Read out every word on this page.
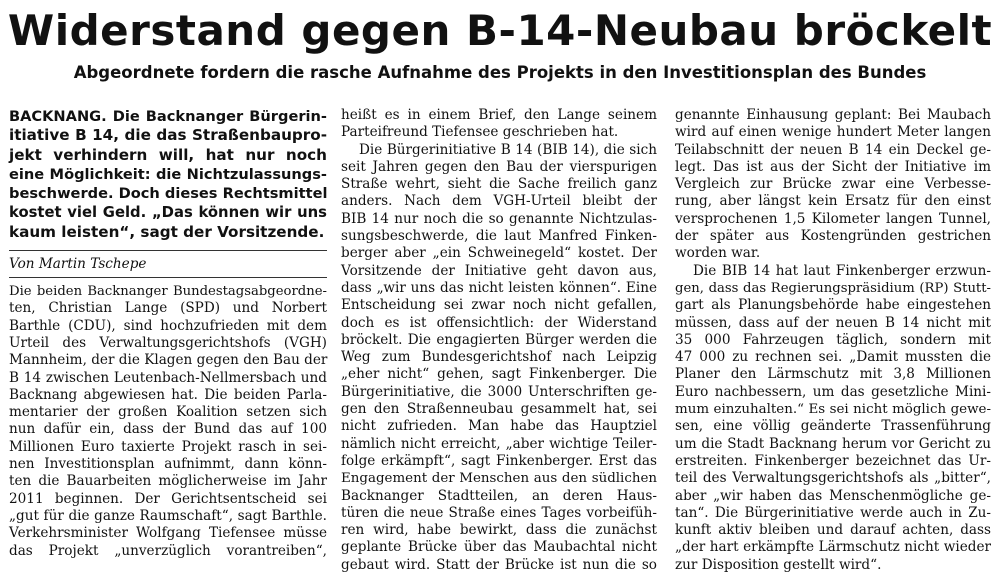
Widerstand gegen B-14-Neubau bröckelt
Abgeordnete fordern die rasche Aufnahme des Projekts in den Investitionsplan des Bundes
BACKNANG. Die Backnanger Bürgerin-
itiative B 14, die das Straßenbaupro-
jekt verhindern will, hat nur noch
eine Möglichkeit: die Nichtzulassungs-
beschwerde. Doch dieses Rechtsmittel
kostet viel Geld. „Das können wir uns
kaum leisten“, sagt der Vorsitzende.
Von Martin Tschepe
Die beiden Backnanger Bundestagsabgeordne-
ten, Christian Lange (SPD) und Norbert
Barthle (CDU), sind hochzufrieden mit dem
Urteil des Verwaltungsgerichtshofs (VGH)
Mannheim, der die Klagen gegen den Bau der
B 14 zwischen Leutenbach-Nellmersbach und
Backnang abgewiesen hat. Die beiden Parla-
mentarier der großen Koalition setzen sich
nun dafür ein, dass der Bund das auf 100
Millionen Euro taxierte Projekt rasch in sei-
nen Investitionsplan aufnimmt, dann könn-
ten die Bauarbeiten möglicherweise im Jahr
2011 beginnen. Der Gerichtsentscheid sei
„gut für die ganze Raumschaft“, sagt Barthle.
Verkehrsminister Wolfgang Tiefensee müsse
das Projekt „unverzüglich vorantreiben“,
heißt es in einem Brief, den Lange seinem
Parteifreund Tiefensee geschrieben hat.
Die Bürgerinitiative B 14 (BIB 14), die sich
seit Jahren gegen den Bau der vierspurigen
Straße wehrt, sieht die Sache freilich ganz
anders. Nach dem VGH-Urteil bleibt der
BIB 14 nur noch die so genannte Nichtzulas-
sungsbeschwerde, die laut Manfred Finken-
berger aber „ein Schweinegeld“ kostet. Der
Vorsitzende der Initiative geht davon aus,
dass „wir uns das nicht leisten können“. Eine
Entscheidung sei zwar noch nicht gefallen,
doch es ist offensichtlich: der Widerstand
bröckelt. Die engagierten Bürger werden die
Weg zum Bundesgerichtshof nach Leipzig
„eher nicht“ gehen, sagt Finkenberger. Die
Bürgerinitiative, die 3000 Unterschriften ge-
gen den Straßenneubau gesammelt hat, sei
nicht zufrieden. Man habe das Hauptziel
nämlich nicht erreicht, „aber wichtige Teiler-
folge erkämpft“, sagt Finkenberger. Erst das
Engagement der Menschen aus den südlichen
Backnanger Stadtteilen, an deren Haus-
türen die neue Straße eines Tages vorbeifüh-
ren wird, habe bewirkt, dass die zunächst
geplante Brücke über das Maubachtal nicht
gebaut wird. Statt der Brücke ist nun die so
genannte Einhausung geplant: Bei Maubach
wird auf einen wenige hundert Meter langen
Teilabschnitt der neuen B 14 ein Deckel ge-
legt. Das ist aus der Sicht der Initiative im
Vergleich zur Brücke zwar eine Verbesse-
rung, aber längst kein Ersatz für den einst
versprochenen 1,5 Kilometer langen Tunnel,
der später aus Kostengründen gestrichen
worden war.
Die BIB 14 hat laut Finkenberger erzwun-
gen, dass das Regierungspräsidium (RP) Stutt-
gart als Planungsbehörde habe eingestehen
müssen, dass auf der neuen B 14 nicht mit
35 000 Fahrzeugen täglich, sondern mit
47 000 zu rechnen sei. „Damit mussten die
Planer den Lärmschutz mit 3,8 Millionen
Euro nachbessern, um das gesetzliche Mini-
mum einzuhalten.“ Es sei nicht möglich gewe-
sen, eine völlig geänderte Trassenführung
um die Stadt Backnang herum vor Gericht zu
erstreiten. Finkenberger bezeichnet das Ur-
teil des Verwaltungsgerichtshofs als „bitter“,
aber „wir haben das Menschenmögliche ge-
tan“. Die Bürgerinitiative werde auch in Zu-
kunft aktiv bleiben und darauf achten, dass
„der hart erkämpfte Lärmschutz nicht wieder
zur Disposition gestellt wird“.
